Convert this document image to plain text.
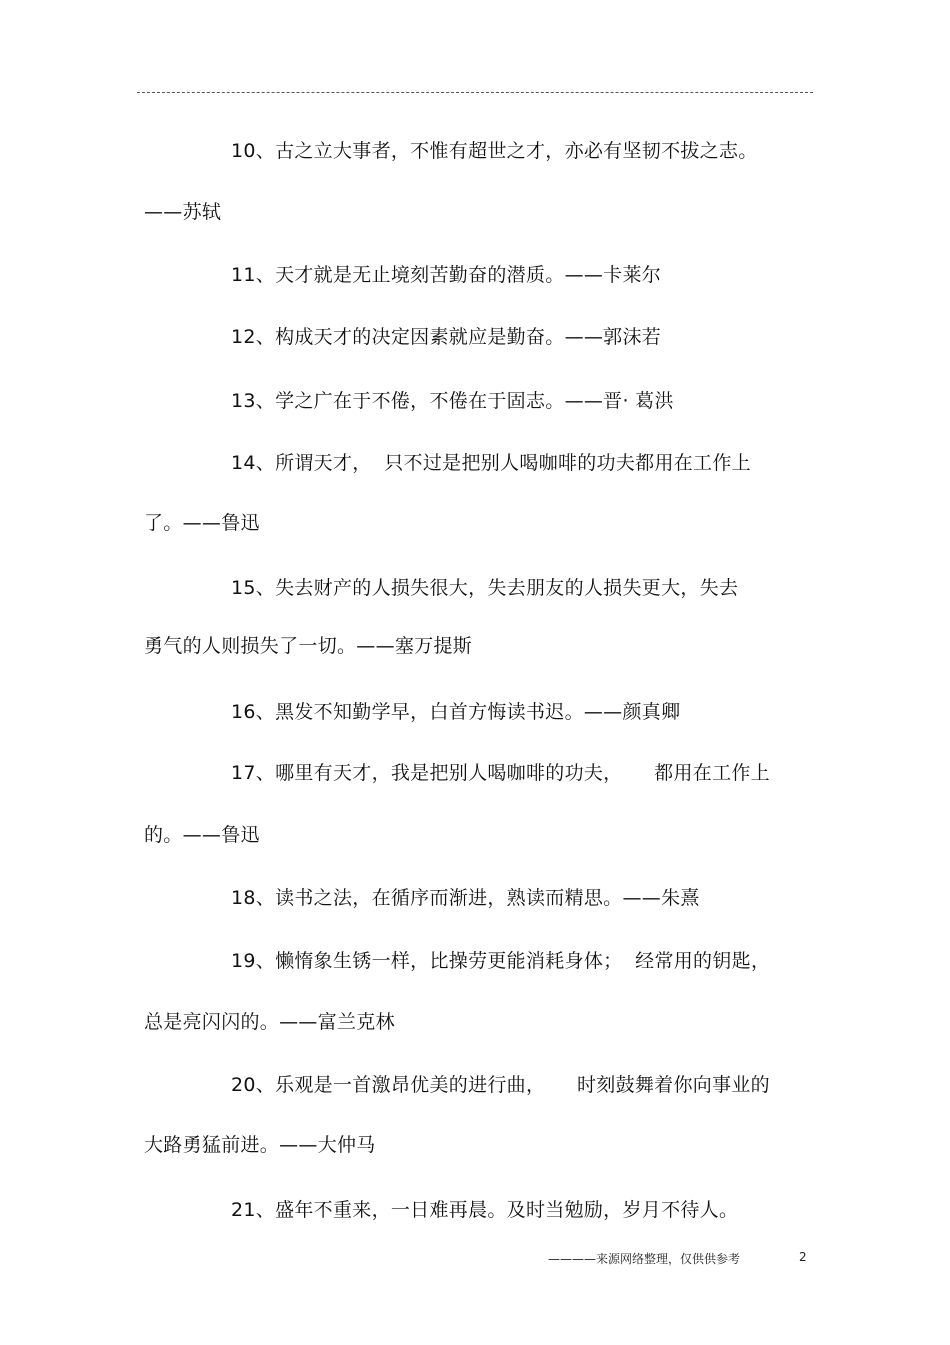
10、古之立大事者，不惟有超世之才，亦必有坚韧不拔之志。
——苏轼
11、天才就是无止境刻苦勤奋的潜质。——卡莱尔
12、构成天才的决定因素就应是勤奋。——郭沫若
13、学之广在于不倦，不倦在于固志。——晋· 葛洪
14、所谓天才，  只不过是把别人喝咖啡的功夫都用在工作上
了。——鲁迅
15、失去财产的人损失很大，失去朋友的人损失更大，失去
勇气的人则损失了一切。——塞万提斯
16、黑发不知勤学早，白首方悔读书迟。——颜真卿
17、哪里有天才，我是把别人喝咖啡的功夫，     都用在工作上
的。——鲁迅
18、读书之法，在循序而渐进，熟读而精思。——朱熹
19、懒惰象生锈一样，比操劳更能消耗身体；  经常用的钥匙，
总是亮闪闪的。——富兰克林
20、乐观是一首激昂优美的进行曲，     时刻鼓舞着你向事业的
大路勇猛前进。——大仲马
21、盛年不重来，一日难再晨。及时当勉励，岁月不待人。
————来源网络整理，仅供供参考	2
